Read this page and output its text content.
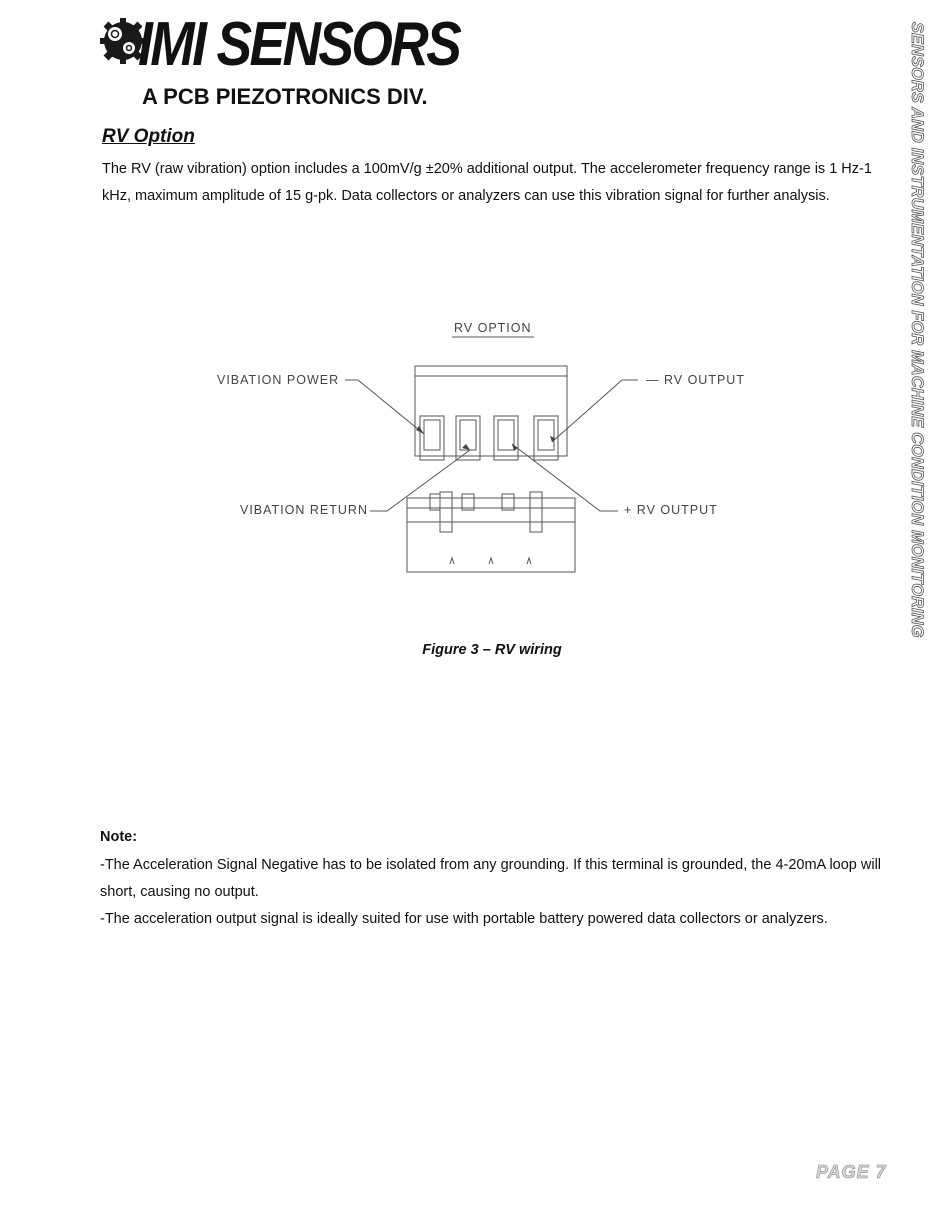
IMI SENSORS
A PCB PIEZOTRONICS DIV.
RV Option
The RV (raw vibration) option includes a 100mV/g ±20% additional output. The accelerometer frequency range is 1 Hz-1 kHz, maximum amplitude of 15 g-pk. Data collectors or analyzers can use this vibration signal for further analysis.
RV OPTION
VIBATION POWER
VIBATION RETURN
— RV OUTPUT
+ RV OUTPUT
Figure 3 – RV wiring
Note:
-The Acceleration Signal Negative has to be isolated from any grounding. If this terminal is grounded, the 4-20mA loop will short, causing no output.
-The acceleration output signal is ideally suited for use with portable battery powered data collectors or analyzers.
SENSORS AND INSTRUMENTATION FOR MACHINE CONDITION MONITORING
PAGE 7
